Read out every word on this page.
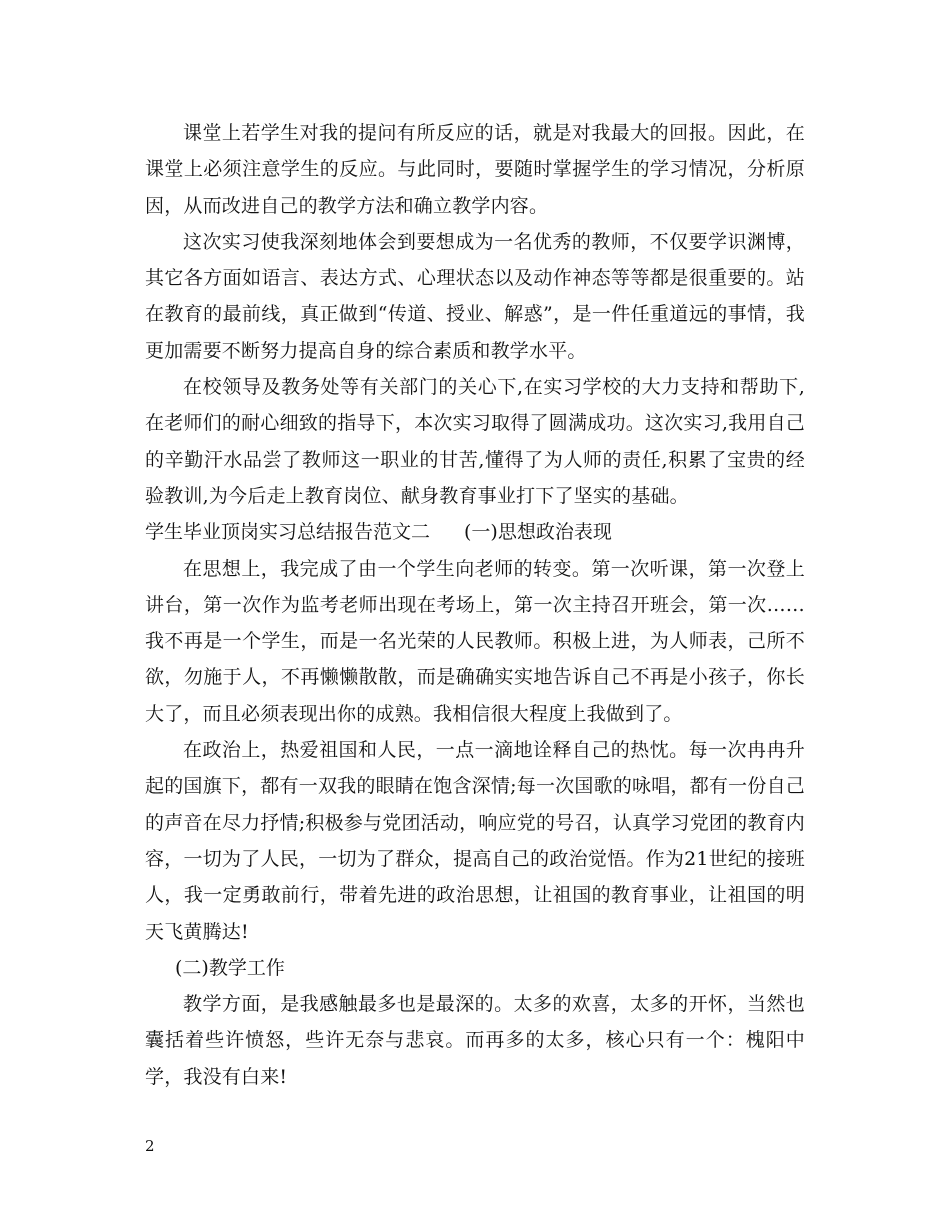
课堂上若学生对我的提问有所反应的话，就是对我最大的回报。因此，在课堂上必须注意学生的反应。与此同时，要随时掌握学生的学习情况，分析原因，从而改进自己的教学方法和确立教学内容。

这次实习使我深刻地体会到要想成为一名优秀的教师，不仅要学识渊博，其它各方面如语言、表达方式、心理状态以及动作神态等等都是很重要的。站在教育的最前线，真正做到“传道、授业、解惑”，是一件任重道远的事情，我更加需要不断努力提高自身的综合素质和教学水平。

在校领导及教务处等有关部门的关心下,在实习学校的大力支持和帮助下,在老师们的耐心细致的指导下，本次实习取得了圆满成功。这次实习,我用自己的辛勤汗水品尝了教师这一职业的甘苦,懂得了为人师的责任,积累了宝贵的经验教训,为今后走上教育岗位、献身教育事业打下了坚实的基础。

学生毕业顶岗实习总结报告范文二 (一)思想政治表现

在思想上，我完成了由一个学生向老师的转变。第一次听课，第一次登上讲台，第一次作为监考老师出现在考场上，第一次主持召开班会，第一次……我不再是一个学生，而是一名光荣的人民教师。积极上进，为人师表，己所不欲，勿施于人，不再懒懒散散，而是确确实实地告诉自己不再是小孩子，你长大了，而且必须表现出你的成熟。我相信很大程度上我做到了。

在政治上，热爱祖国和人民，一点一滴地诠释自己的热忱。每一次冉冉升起的国旗下，都有一双我的眼睛在饱含深情;每一次国歌的咏唱，都有一份自己的声音在尽力抒情;积极参与党团活动，响应党的号召，认真学习党团的教育内容，一切为了人民，一切为了群众，提高自己的政治觉悟。作为21世纪的接班人，我一定勇敢前行，带着先进的政治思想，让祖国的教育事业，让祖国的明天飞黄腾达!

(二)教学工作

教学方面，是我感触最多也是最深的。太多的欢喜，太多的开怀，当然也囊括着些许愤怒，些许无奈与悲哀。而再多的太多，核心只有一个：槐阳中学，我没有白来!

2
